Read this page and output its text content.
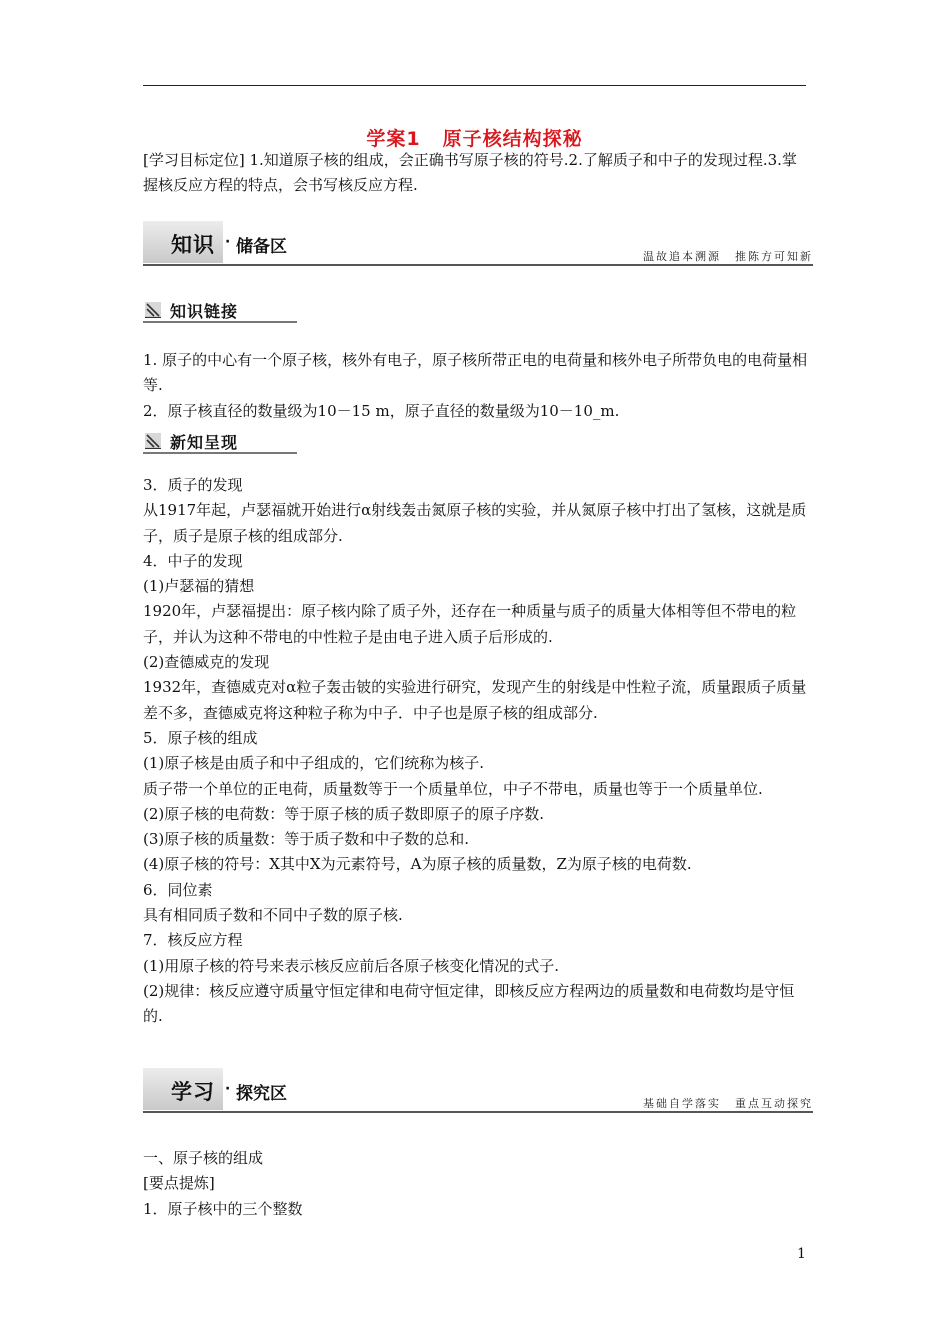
学案1 原子核结构探秘

[学习目标定位] 1.知道原子核的组成，会正确书写原子核的符号.2.了解质子和中子的发现过程.3.掌握核反应方程的特点，会书写核反应方程.

知识 · 储备区	温故追本溯源 推陈方可知新
知识链接

1. 原子的中心有一个原子核，核外有电子，原子核所带正电的电荷量和核外电子所带负电的电荷量相等.

2．原子核直径的数量级为10－15 m，原子直径的数量级为10－10_m.

新知呈现

3．质子的发现

从1917年起，卢瑟福就开始进行α射线轰击氮原子核的实验，并从氮原子核中打出了氢核，这就是质子，质子是原子核的组成部分.

4．中子的发现

(1)卢瑟福的猜想

1920年，卢瑟福提出：原子核内除了质子外，还存在一种质量与质子的质量大体相等但不带电的粒子，并认为这种不带电的中性粒子是由电子进入质子后形成的.

(2)查德威克的发现

1932年，查德威克对α粒子轰击铍的实验进行研究，发现产生的射线是中性粒子流，质量跟质子质量差不多，查德威克将这种粒子称为中子．中子也是原子核的组成部分.

5．原子核的组成

(1)原子核是由质子和中子组成的，它们统称为核子.

质子带一个单位的正电荷，质量数等于一个质量单位，中子不带电，质量也等于一个质量单位.

(2)原子核的电荷数：等于原子核的质子数即原子的原子序数.

(3)原子核的质量数：等于质子数和中子数的总和.

(4)原子核的符号：X其中X为元素符号，A为原子核的质量数，Z为原子核的电荷数.

6．同位素

具有相同质子数和不同中子数的原子核.

7．核反应方程

(1)用原子核的符号来表示核反应前后各原子核变化情况的式子.

(2)规律：核反应遵守质量守恒定律和电荷守恒定律，即核反应方程两边的质量数和电荷数均是守恒的.

学习 · 探究区	基础自学落实 重点互动探究

一、原子核的组成

[要点提炼]

1．原子核中的三个整数

1
